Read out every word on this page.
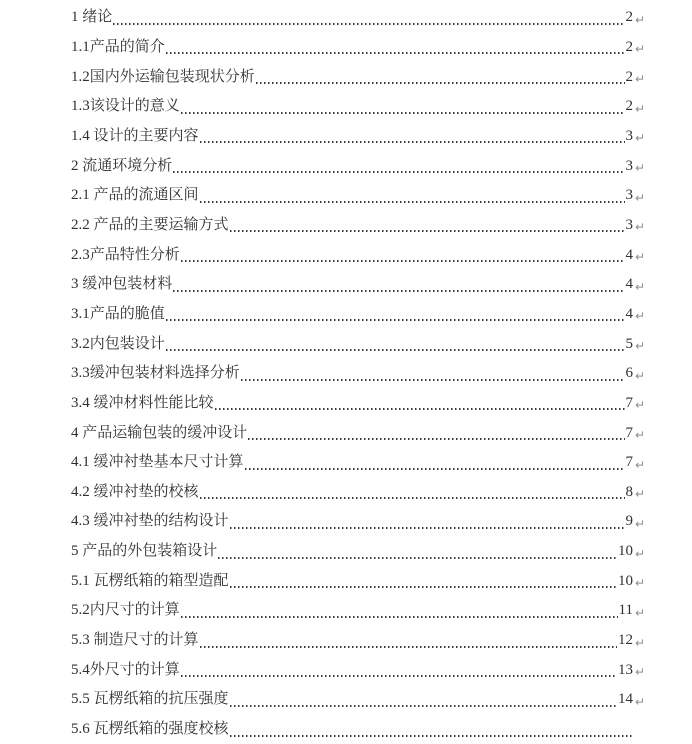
1 绪论	2 ↵
1.1产品的简介	2 ↵
1.2国内外运输包装现状分析	2 ↵
1.3该设计的意义	2 ↵
1.4 设计的主要内容	3 ↵
2 流通环境分析	3 ↵
2.1 产品的流通区间	3 ↵
2.2 产品的主要运输方式	3 ↵
2.3产品特性分析	4 ↵
3 缓冲包装材料	4 ↵
3.1产品的脆值	4 ↵
3.2内包装设计	5 ↵
3.3缓冲包装材料选择分析	6 ↵
3.4 缓冲材料性能比较	7 ↵
4 产品运输包装的缓冲设计	7 ↵
4.1 缓冲衬垫基本尺寸计算	7 ↵
4.2 缓冲衬垫的校核	8 ↵
4.3 缓冲衬垫的结构设计	9 ↵
5 产品的外包装箱设计	10 ↵
5.1 瓦楞纸箱的箱型造配	10 ↵
5.2内尺寸的计算	11 ↵
5.3 制造尺寸的计算	12 ↵
5.4外尺寸的计算	13 ↵
5.5 瓦楞纸箱的抗压强度	14 ↵
5.6 瓦楞纸箱的强度校核
